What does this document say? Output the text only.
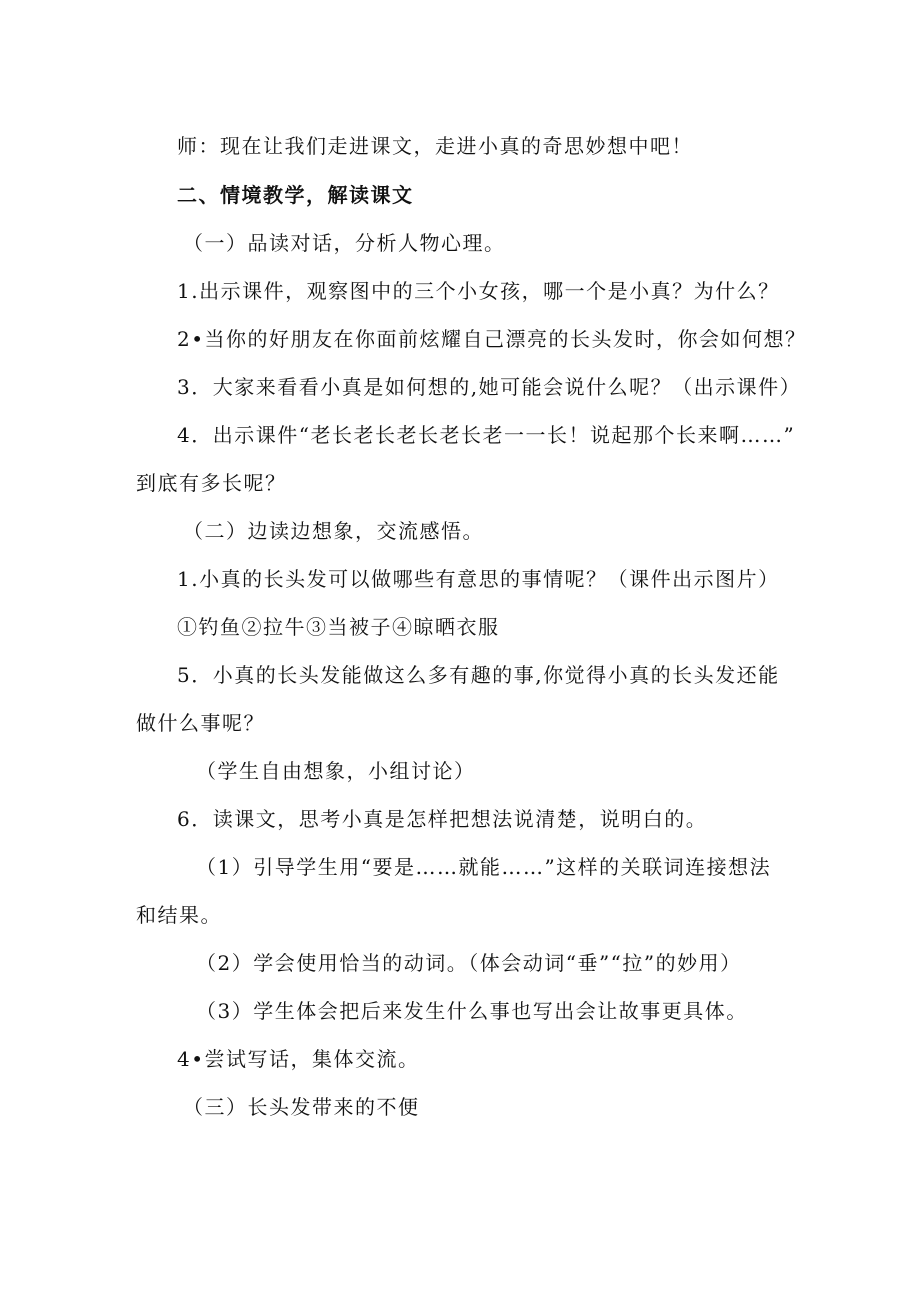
师：现在让我们走进课文，走进小真的奇思妙想中吧！
二、情境教学，解读课文
（一）品读对话，分析人物心理。
1.出示课件，观察图中的三个小女孩，哪一个是小真？为什么？
2•当你的好朋友在你面前炫耀自己漂亮的长头发时，你会如何想？
3．大家来看看小真是如何想的,她可能会说什么呢？（出示课件）
4．出示课件“老长老长老长老长老一一长！说起那个长来啊……”
到底有多长呢？
（二）边读边想象，交流感悟。
1.小真的长头发可以做哪些有意思的事情呢？（课件出示图片）
①钓鱼②拉牛③当被子④晾晒衣服
5．小真的长头发能做这么多有趣的事,你觉得小真的长头发还能
做什么事呢？
（学生自由想象，小组讨论）
6．读课文，思考小真是怎样把想法说清楚，说明白的。
（1）引导学生用“要是……就能……”这样的关联词连接想法
和结果。
（2）学会使用恰当的动词。（体会动词“垂”“拉”的妙用）
（3）学生体会把后来发生什么事也写出会让故事更具体。
4•尝试写话，集体交流。
（三）长头发带来的不便
